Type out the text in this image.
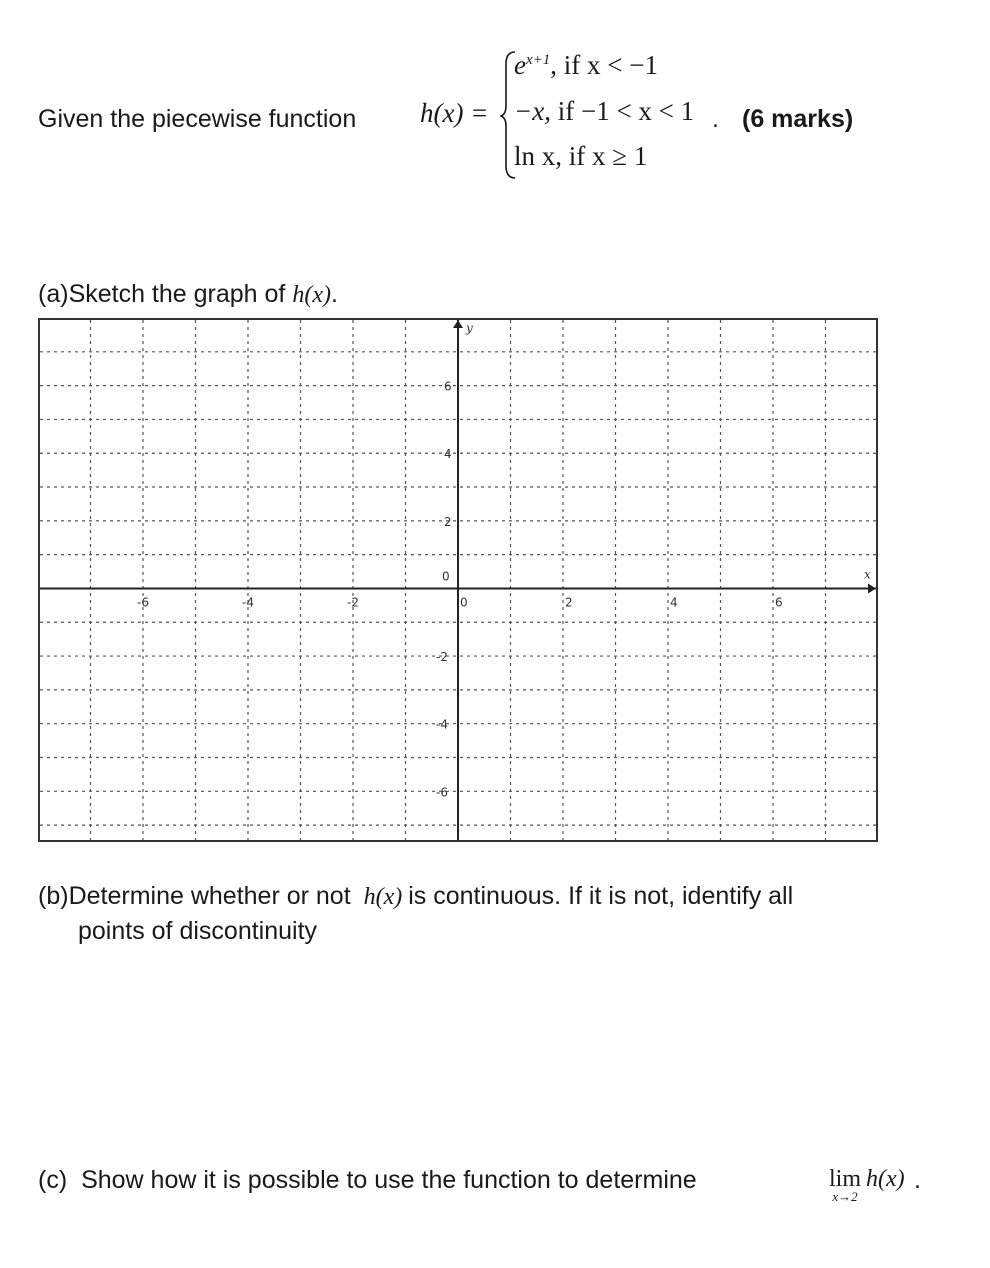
Given the piecewise function h(x) =
$e^{x+1}$, if x < −1
−x, if −1 < x < 1
ln x, if x ≥ 1
. (6 marks)
(a)Sketch the graph of h(x).
x
y
-6	-4	-2	0	2	4	6
0
6
4
2
-2
-4
-6
(b)Determine whether or not h(x) is continuous. If it is not, identify all
points of discontinuity
(c) Show how it is possible to use the function to determine	lim
x→2
h(x) .
